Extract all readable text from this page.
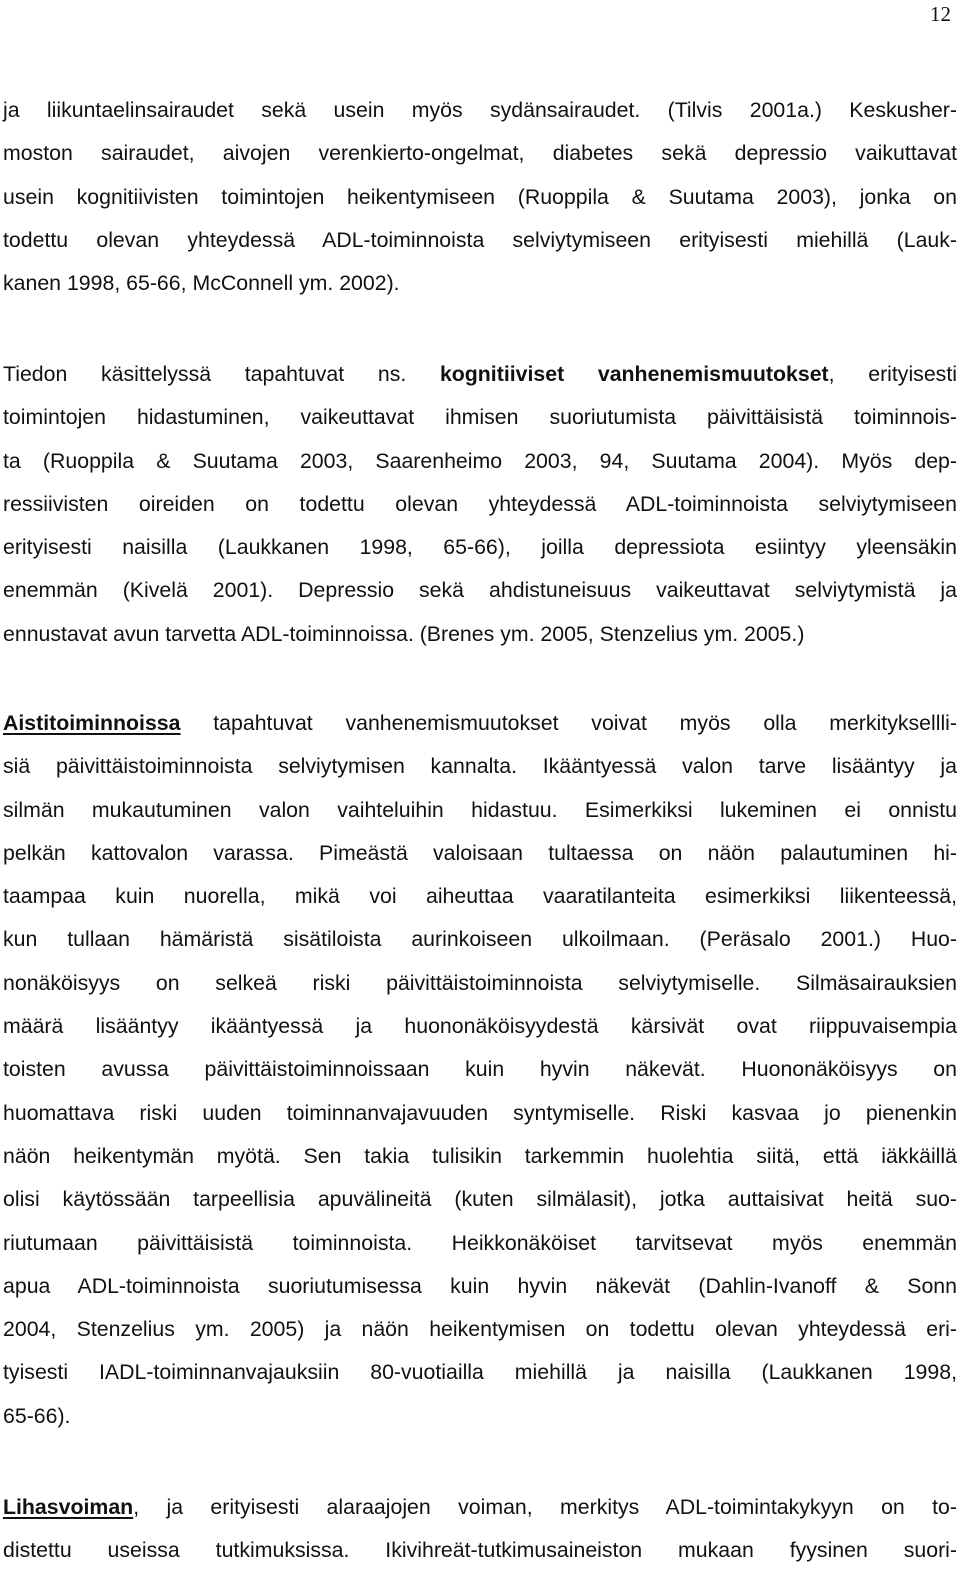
12

ja liikuntaelinsairaudet sekä usein myös sydänsairaudet. (Tilvis 2001a.) Keskusher-
moston sairaudet, aivojen verenkierto-ongelmat, diabetes sekä depressio vaikuttavat
usein kognitiivisten toimintojen heikentymiseen (Ruoppila & Suutama 2003), jonka on
todettu olevan yhteydessä ADL-toiminnoista selviytymiseen erityisesti miehillä (Lauk-
kanen 1998, 65-66, McConnell ym. 2002).

Tiedon käsittelyssä tapahtuvat ns. kognitiiviset vanhenemismuutokset, erityisesti
toimintojen hidastuminen, vaikeuttavat ihmisen suoriutumista päivittäisistä toiminnois-
ta (Ruoppila & Suutama 2003, Saarenheimo 2003, 94, Suutama 2004). Myös dep-
ressiivisten oireiden on todettu olevan yhteydessä ADL-toiminnoista selviytymiseen
erityisesti naisilla (Laukkanen 1998, 65-66), joilla depressiota esiintyy yleensäkin
enemmän (Kivelä 2001). Depressio sekä ahdistuneisuus vaikeuttavat selviytymistä ja
ennustavat avun tarvetta ADL-toiminnoissa. (Brenes ym. 2005, Stenzelius ym. 2005.)

Aistitoiminnoissa tapahtuvat vanhenemismuutokset voivat myös olla merkityksellli-
siä päivittäistoiminnoista selviytymisen kannalta. Ikääntyessä valon tarve lisääntyy ja
silmän mukautuminen valon vaihteluihin hidastuu. Esimerkiksi lukeminen ei onnistu
pelkän kattovalon varassa. Pimeästä valoisaan tultaessa on näön palautuminen hi-
taampaa kuin nuorella, mikä voi aiheuttaa vaaratilanteita esimerkiksi liikenteessä,
kun tullaan hämäristä sisätiloista aurinkoiseen ulkoilmaan. (Peräsalo 2001.) Huo-
nonäköisyys on selkeä riski päivittäistoiminnoista selviytymiselle. Silmäsairauksien
määrä lisääntyy ikääntyessä ja huononäköisyydestä kärsivät ovat riippuvaisempia
toisten avussa päivittäistoiminnoissaan kuin hyvin näkevät. Huononäköisyys on
huomattava riski uuden toiminnanvajavuuden syntymiselle. Riski kasvaa jo pienenkin
näön heikentymän myötä. Sen takia tulisikin tarkemmin huolehtia siitä, että iäkkäillä
olisi käytössään tarpeellisia apuvälineitä (kuten silmälasit), jotka auttaisivat heitä suo-
riutumaan päivittäisistä toiminnoista. Heikkonäköiset tarvitsevat myös enemmän
apua ADL-toiminnoista suoriutumisessa kuin hyvin näkevät (Dahlin-Ivanoff & Sonn
2004, Stenzelius ym. 2005) ja näön heikentymisen on todettu olevan yhteydessä eri-
tyisesti IADL-toiminnanvajauksiin 80-vuotiailla miehillä ja naisilla (Laukkanen 1998,
65-66).

Lihasvoiman, ja erityisesti alaraajojen voiman, merkitys ADL-toimintakykyyn on to-
distettu useissa tutkimuksissa. Ikivihreät-tutkimusaineiston mukaan fyysinen suori-
